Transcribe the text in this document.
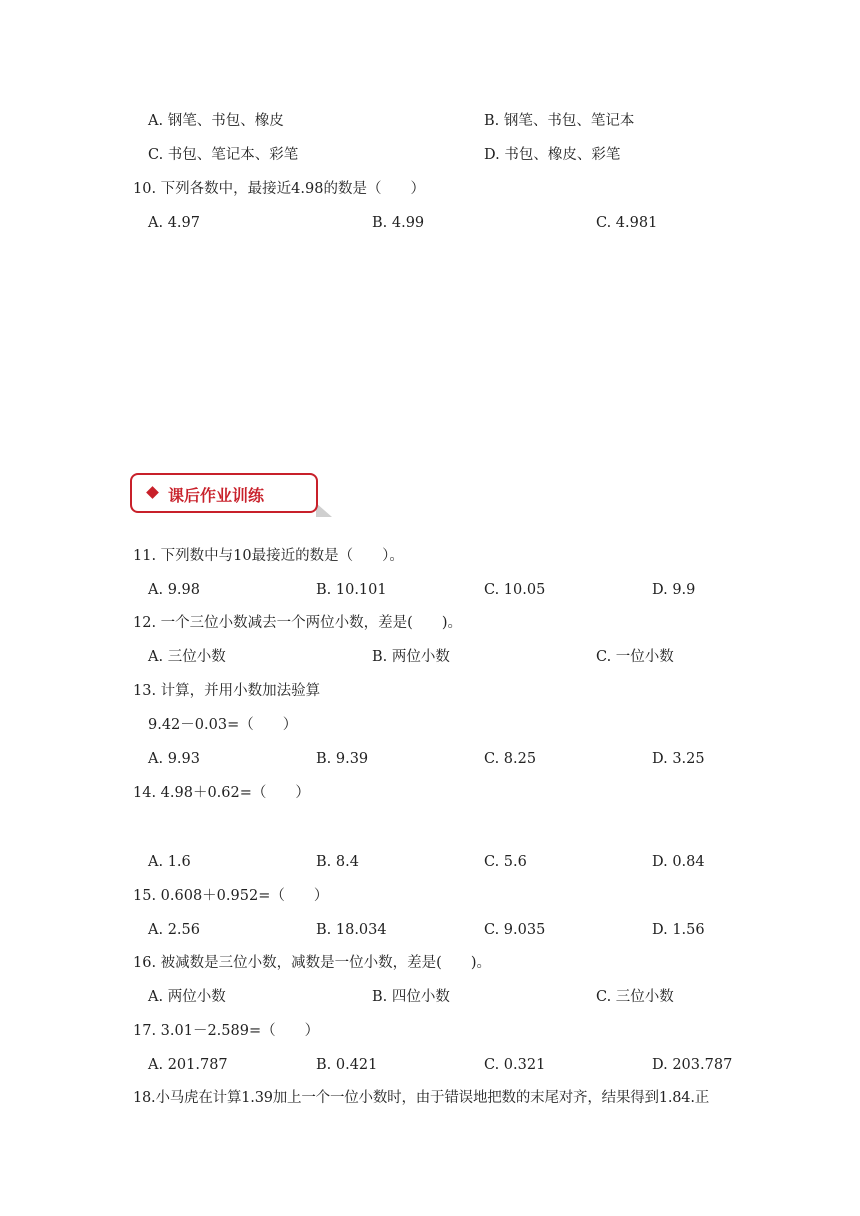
A. 钢笔、书包、橡皮	B. 钢笔、书包、笔记本
C. 书包、笔记本、彩笔	D. 书包、橡皮、彩笔
10. 下列各数中，最接近4.98的数是（　　）
A. 4.97	B. 4.99	C. 4.981
课后作业训练
11. 下列数中与10最接近的数是（　　）。
A. 9.98	B. 10.101	C. 10.05	D. 9.9
12. 一个三位小数减去一个两位小数，差是(　　)。
A. 三位小数	B. 两位小数	C. 一位小数
13. 计算，并用小数加法验算
9.42－0.03=（　　）
A. 9.93	B. 9.39	C. 8.25	D. 3.25
14. 4.98＋0.62=（　　）
A. 1.6	B. 8.4	C. 5.6	D. 0.84
15. 0.608＋0.952=（　　）
A. 2.56	B. 18.034	C. 9.035	D. 1.56
16. 被减数是三位小数，减数是一位小数，差是(　　)。
A. 两位小数	B. 四位小数	C. 三位小数
17. 3.01－2.589=（　　）
A. 201.787	B. 0.421	C. 0.321	D. 203.787
18.小马虎在计算1.39加上一个一位小数时，由于错误地把数的末尾对齐，结果得到1.84.正
